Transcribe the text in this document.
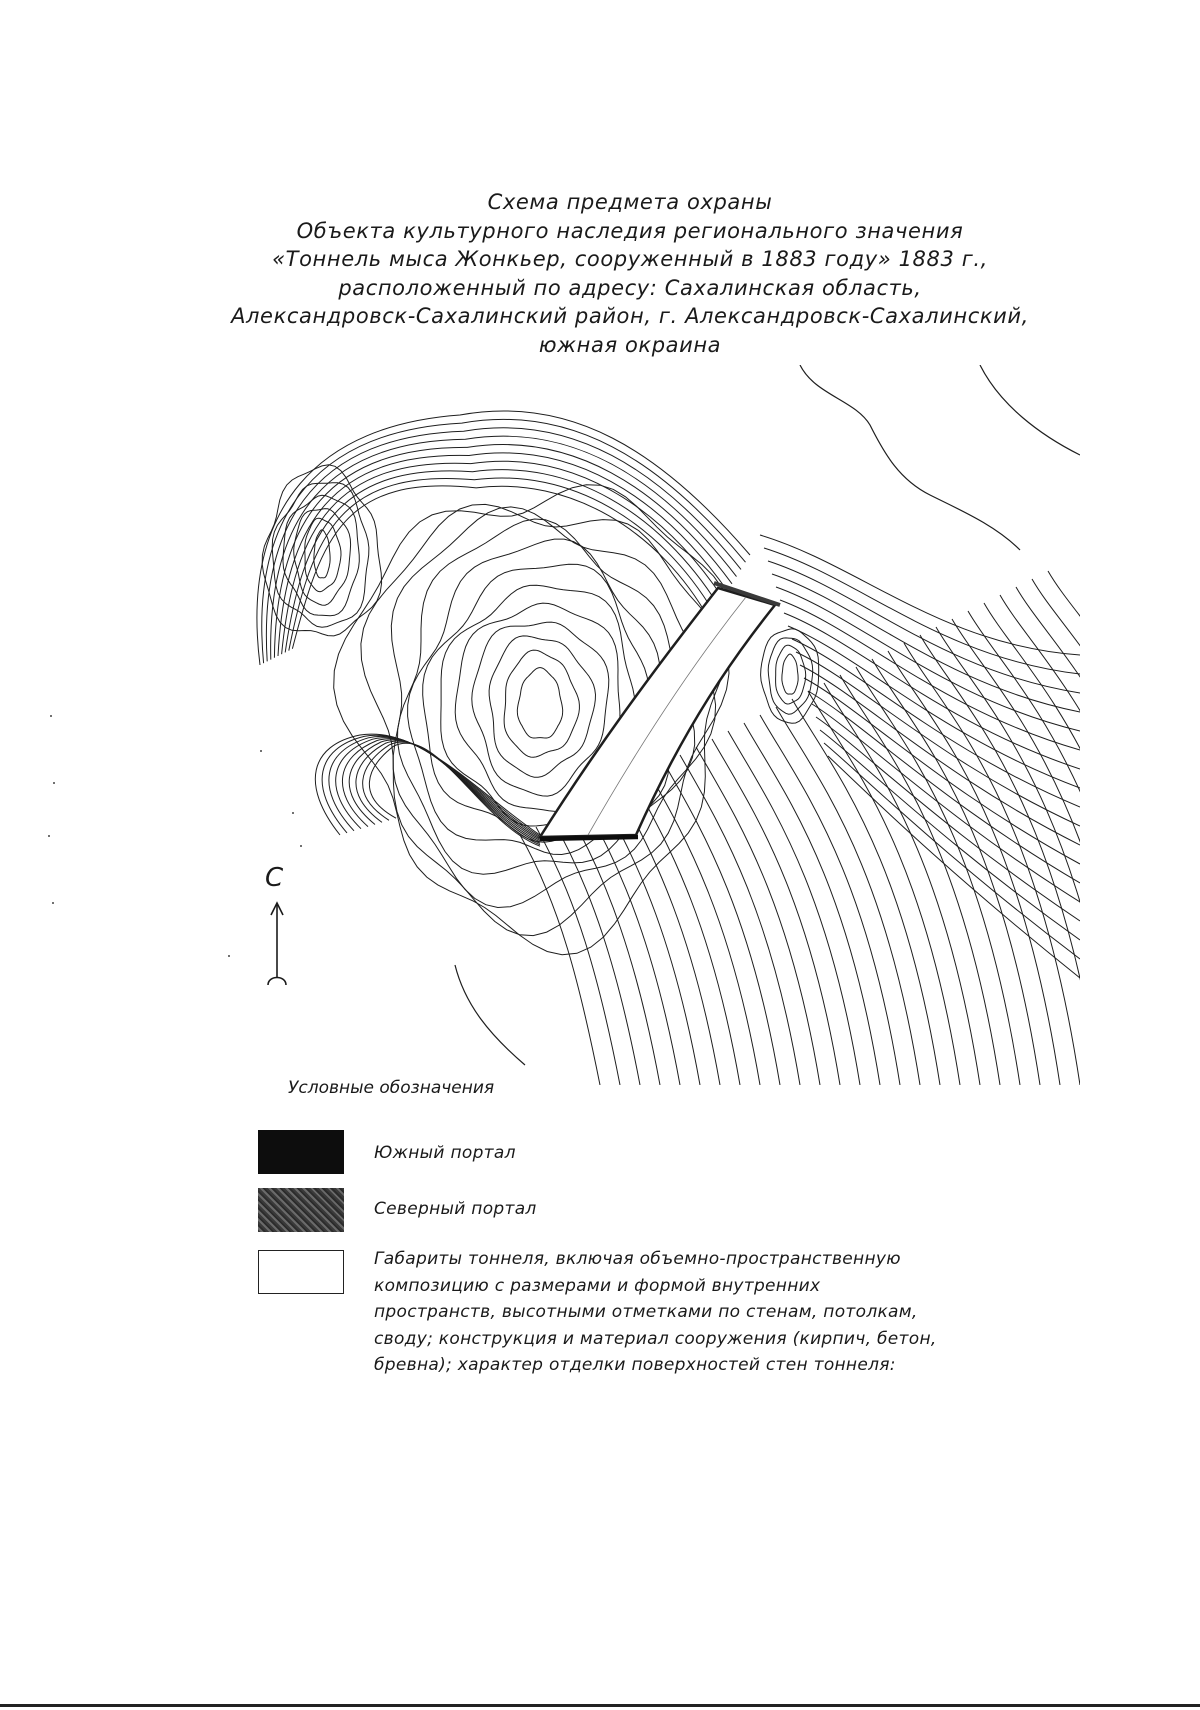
Схема предмета охраны
Объекта культурного наследия регионального значения
«Тоннель мыса Жонкьер, сооруженный в 1883 году» 1883 г.,
расположенный по адресу: Сахалинская область,
Александровск-Сахалинский район, г. Александровск-Сахалинский,
южная окраина
С
Условные обозначения
Южный портал
Северный портал
Габариты тоннеля, включая объемно-пространственную
композицию с размерами и формой внутренних
пространств, высотными отметками по стенам, потолкам,
своду; конструкция и материал сооружения (кирпич, бетон,
бревна); характер отделки поверхностей стен тоннеля:
